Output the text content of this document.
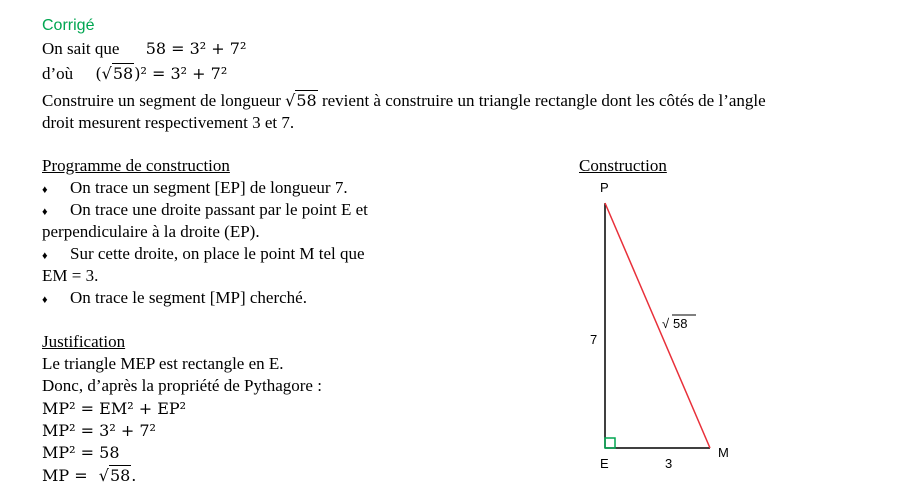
Corrigé
On sait que 58 = 3² + 7²
d’où (√58)² = 3² + 7²
Construire un segment de longueur √58 revient à construire un triangle rectangle dont les côtés de l’angle
droit mesurent respectivement 3 et 7.
Programme de construction
♦ On trace un segment [EP] de longueur 7.
♦ On trace une droite passant par le point E et
perpendiculaire à la droite (EP).
♦ Sur cette droite, on place le point M tel que
EM = 3.
♦ On trace le segment [MP] cherché.
Justification
Le triangle MEP est rectangle en E.
Donc, d’après la propriété de Pythagore :
MP² = EM² + EP²
MP² = 3² + 7²
MP² = 58
MP = √58.
Construction
P
E
M
7
3
√ 58
